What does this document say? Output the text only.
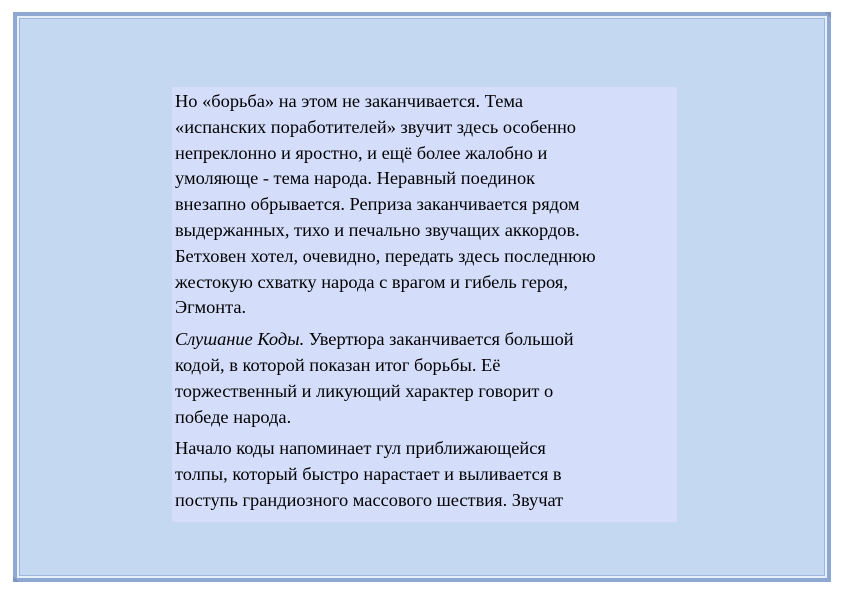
Но «борьба» на этом не заканчивается. Тема
«испанских поработителей» звучит здесь особенно
непреклонно и яростно, и ещё более жалобно и
умоляюще - тема народа. Неравный поединок
внезапно обрывается. Реприза заканчивается рядом
выдержанных, тихо и печально звучащих аккордов.
Бетховен хотел, очевидно, передать здесь последнюю
жестокую схватку народа с врагом и гибель героя,
Эгмонта.

Слушание Коды. Увертюра заканчивается большой
кодой, в которой показан итог борьбы. Её
торжественный и ликующий характер говорит о
победе народа.

Начало коды напоминает гул приближающейся
толпы, который быстро нарастает и выливается в
поступь грандиозного массового шествия. Звучат
